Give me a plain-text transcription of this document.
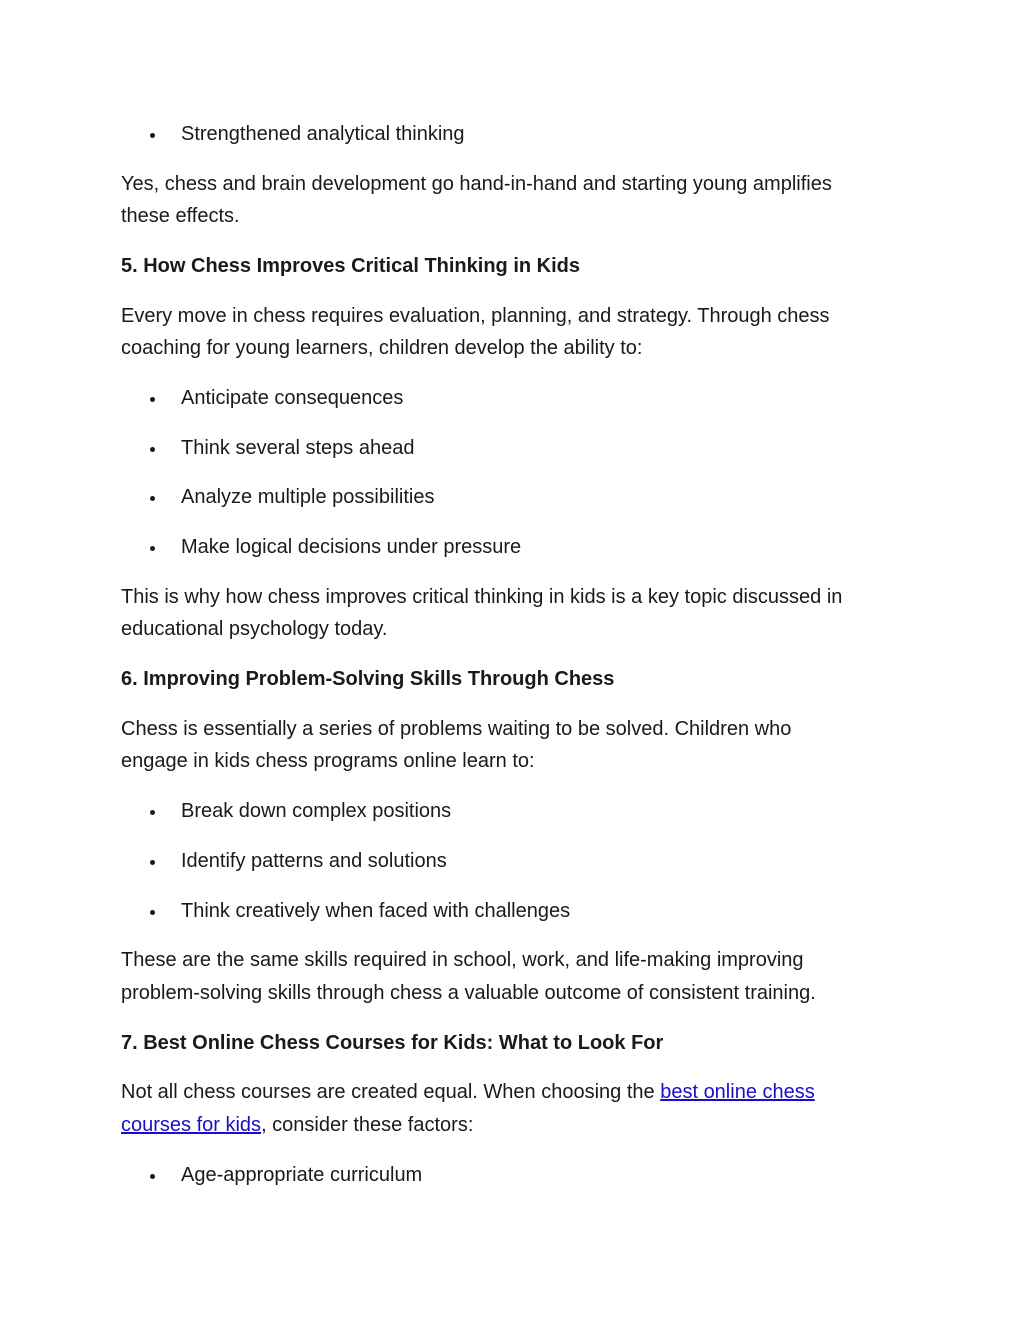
Strengthened analytical thinking
Yes, chess and brain development go hand-in-hand and starting young amplifies
these effects.
5. How Chess Improves Critical Thinking in Kids
Every move in chess requires evaluation, planning, and strategy. Through chess
coaching for young learners, children develop the ability to:
Anticipate consequences
Think several steps ahead
Analyze multiple possibilities
Make logical decisions under pressure
This is why how chess improves critical thinking in kids is a key topic discussed in
educational psychology today.
6. Improving Problem-Solving Skills Through Chess
Chess is essentially a series of problems waiting to be solved. Children who
engage in kids chess programs online learn to:
Break down complex positions
Identify patterns and solutions
Think creatively when faced with challenges
These are the same skills required in school, work, and life-making improving
problem-solving skills through chess a valuable outcome of consistent training.
7. Best Online Chess Courses for Kids: What to Look For
Not all chess courses are created equal. When choosing the best online chess
courses for kids, consider these factors:
Age-appropriate curriculum
